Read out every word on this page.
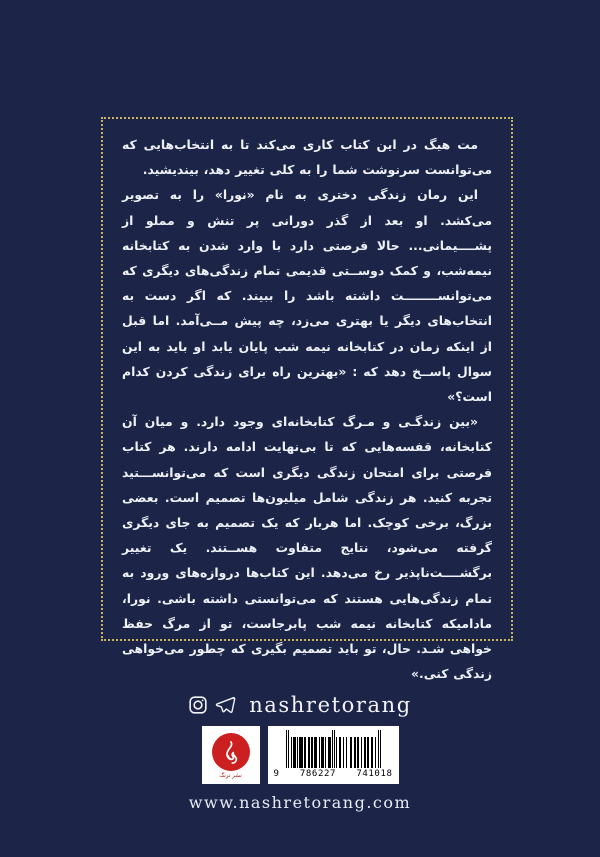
مت هیگ در این کتاب کاری می‌کند تا به انتخاب‌هایی که می‌توانست سرنوشت شما را به کلی تغییر دهد، بیندیشید.

این رمان زندگی دختری به نام «نورا» را به تصویر می‌کشد. او بعد از گذر دورانی پر تنش و مملو از پشــــیمانی... حالا فرصتی دارد با وارد شدن به کتابخانه نیمه‌شب، و کمک دوســتی قدیمی تمام زندگی‌های دیگری که می‌توانســــــــت داشته باشد را ببیند. که اگر دست به انتخاب‌های دیگر یا بهتری می‌زد، چه پیش مــی‌آمد. اما قبل از اینکه زمان در کتابخانه نیمه شب پایان یابد او باید به این سوال پاســخ دهد که : «بهترین راه برای زندگی کردن کدام است؟»

«بین زندگـی و مـرگ کتابخانه‌ای وجود دارد. و میان آن کتابخانه، قفسه‌هایی که تا بی‌نهایت ادامه دارند. هر کتاب فرصتی برای امتحان زندگی دیگری است که می‌توانســـتید تجربه کنید. هر زندگی شامل میلیون‌ها تصمیم است. بعضی بزرگ، برخی کوچک. اما هربار که یک تصمیم به جای دیگری گرفته می‌شود، نتایج متفاوت هســتند. یک تغییر برگشــــت‌ناپذیر رخ می‌دهد. این کتاب‌ها دروازه‌های ورود به تمام زندگی‌هایی هستند که می‌توانستی داشته باشی. نورا، مادامیکه کتابخانه نیمه شب پابرجاست، تو از مرگ حفظ خواهی شـد. حال، تو باید تصمیم بگیری که چطور می‌خواهی زندگی کنی.»

nashretorang
نشر ترنگ	9 786227 741018
www.nashretorang.com
